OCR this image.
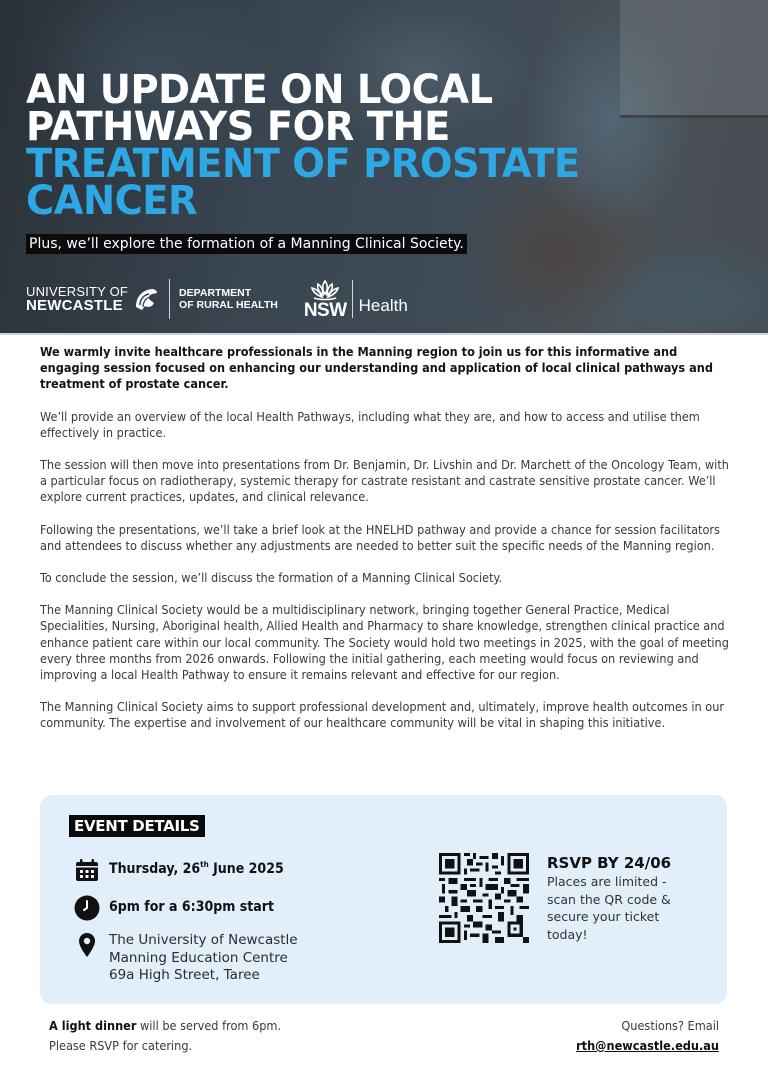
AN UPDATE ON LOCAL
PATHWAYS FOR THE
TREATMENT OF PROSTATE
CANCER
Plus, we’ll explore the formation of a Manning Clinical Society.
UNIVERSITY OF
NEWCASTLE
DEPARTMENT
OF RURAL HEALTH NSW Health

We warmly invite healthcare professionals in the Manning region to join us for this informative and engaging session focused on enhancing our understanding and application of local clinical pathways and treatment of prostate cancer.

We’ll provide an overview of the local Health Pathways, including what they are, and how to access and utilise them effectively in practice.

The session will then move into presentations from Dr. Benjamin, Dr. Livshin and Dr. Marchett of the Oncology Team, with a particular focus on radiotherapy, systemic therapy for castrate resistant and castrate sensitive prostate cancer. We’ll explore current practices, updates, and clinical relevance.

Following the presentations, we’ll take a brief look at the HNELHD pathway and provide a chance for session facilitators and attendees to discuss whether any adjustments are needed to better suit the specific needs of the Manning region.

To conclude the session, we’ll discuss the formation of a Manning Clinical Society.

The Manning Clinical Society would be a multidisciplinary network, bringing together General Practice, Medical Specialities, Nursing, Aboriginal health, Allied Health and Pharmacy to share knowledge, strengthen clinical practice and enhance patient care within our local community. The Society would hold two meetings in 2025, with the goal of meeting every three months from 2026 onwards. Following the initial gathering, each meeting would focus on reviewing and improving a local Health Pathway to ensure it remains relevant and effective for our region.

The Manning Clinical Society aims to support professional development and, ultimately, improve health outcomes in our community. The expertise and involvement of our healthcare community will be vital in shaping this initiative.

EVENT DETAILS
Thursday, 26th June 2025
6pm for a 6:30pm start
The University of Newcastle
Manning Education Centre
69a High Street, Taree
RSVP BY 24/06
Places are limited -
scan the QR code &
secure your ticket
today!
A light dinner will be served from 6pm.
Please RSVP for catering.
Questions? Email
rth@newcastle.edu.au
